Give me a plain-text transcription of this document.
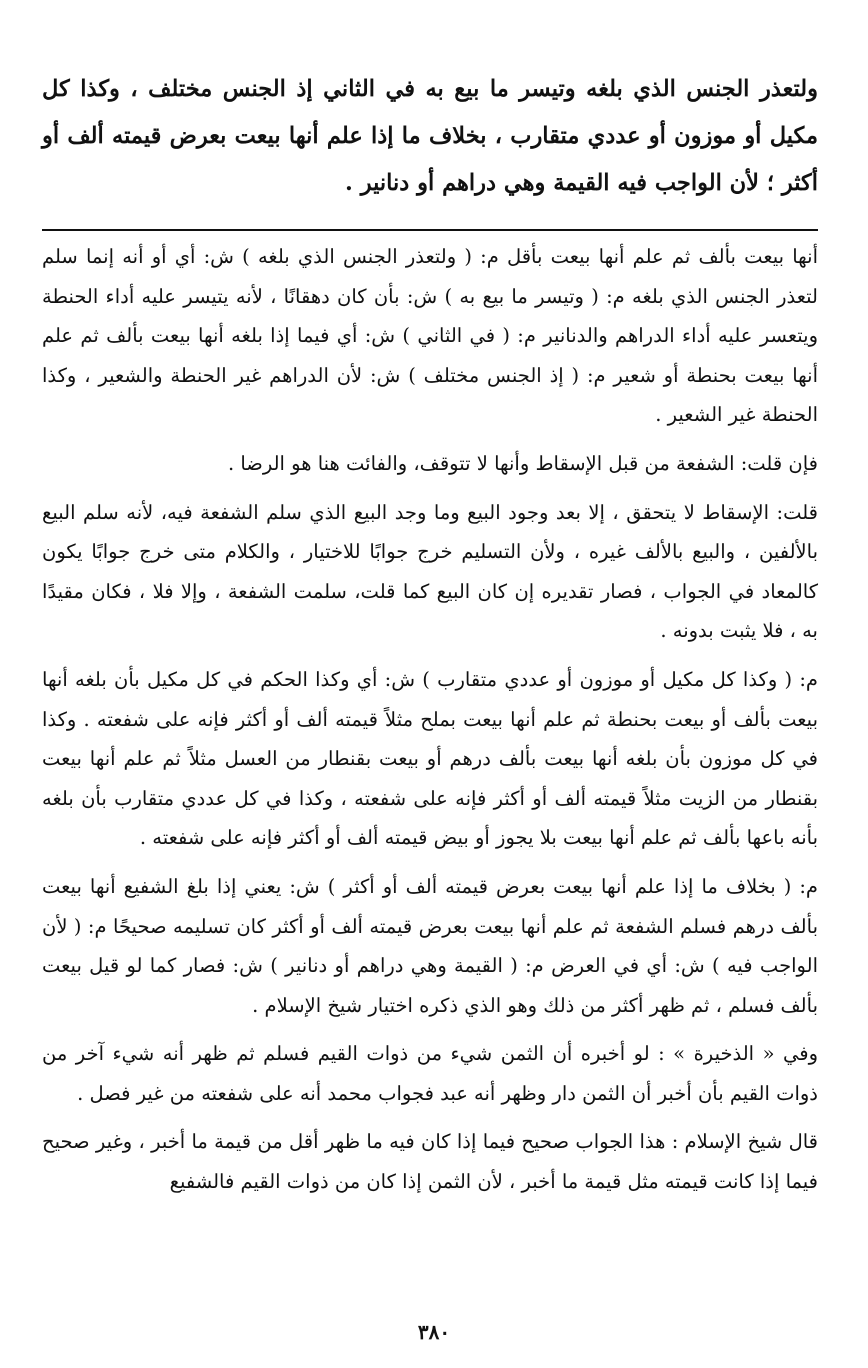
ولتعذر الجنس الذي بلغه وتيسر ما بيع به في الثاني إذ الجنس مختلف ، وكذا كل مكيل أو موزون أو عددي متقارب ، بخلاف ما إذا علم أنها بيعت بعرض قيمته ألف أو أكثر ؛ لأن الواجب فيه القيمة وهي دراهم أو دنانير .

أنها بيعت بألف ثم علم أنها بيعت بأقل م: ( ولتعذر الجنس الذي بلغه ) ش: أي أو أنه إنما سلم لتعذر الجنس الذي بلغه م: ( وتيسر ما بيع به ) ش: بأن كان دهقانًا ، لأنه يتيسر عليه أداء الحنطة ويتعسر عليه أداء الدراهم والدنانير م: ( في الثاني ) ش: أي فيما إذا بلغه أنها بيعت بألف ثم علم أنها بيعت بحنطة أو شعير م: ( إذ الجنس مختلف ) ش: لأن الدراهم غير الحنطة والشعير ، وكذا الحنطة غير الشعير .

فإن قلت: الشفعة من قبل الإسقاط وأنها لا تتوقف، والفائت هنا هو الرضا .

قلت: الإسقاط لا يتحقق ، إلا بعد وجود البيع وما وجد البيع الذي سلم الشفعة فيه، لأنه سلم البيع بالألفين ، والبيع بالألف غيره ، ولأن التسليم خرج جوابًا للاختيار ، والكلام متى خرج جوابًا يكون كالمعاد في الجواب ، فصار تقديره إن كان البيع كما قلت، سلمت الشفعة ، وإلا فلا ، فكان مقيدًا به ، فلا يثبت بدونه .

م: ( وكذا كل مكيل أو موزون أو عددي متقارب ) ش: أي وكذا الحكم في كل مكيل بأن بلغه أنها بيعت بألف أو بيعت بحنطة ثم علم أنها بيعت بملح مثلاً قيمته ألف أو أكثر فإنه على شفعته . وكذا في كل موزون بأن بلغه أنها بيعت بألف درهم أو بيعت بقنطار من العسل مثلاً ثم علم أنها بيعت بقنطار من الزيت مثلاً قيمته ألف أو أكثر فإنه على شفعته ، وكذا في كل عددي متقارب بأن بلغه بأنه باعها بألف ثم علم أنها بيعت بلا يجوز أو بيض قيمته ألف أو أكثر فإنه على شفعته .

م: ( بخلاف ما إذا علم أنها بيعت بعرض قيمته ألف أو أكثر ) ش: يعني إذا بلغ الشفيع أنها بيعت بألف درهم فسلم الشفعة ثم علم أنها بيعت بعرض قيمته ألف أو أكثر كان تسليمه صحيحًا م: ( لأن الواجب فيه ) ش: أي في العرض م: ( القيمة وهي دراهم أو دنانير ) ش: فصار كما لو قيل بيعت بألف فسلم ، ثم ظهر أكثر من ذلك وهو الذي ذكره اختيار شيخ الإسلام .

وفي « الذخيرة » : لو أخبره أن الثمن شيء من ذوات القيم فسلم ثم ظهر أنه شيء آخر من ذوات القيم بأن أخبر أن الثمن دار وظهر أنه عبد فجواب محمد أنه على شفعته من غير فصل .

قال شيخ الإسلام : هذا الجواب صحيح فيما إذا كان فيه ما ظهر أقل من قيمة ما أخبر ، وغير صحيح فيما إذا كانت قيمته مثل قيمة ما أخبر ، لأن الثمن إذا كان من ذوات القيم فالشفيع

٣٨٠
